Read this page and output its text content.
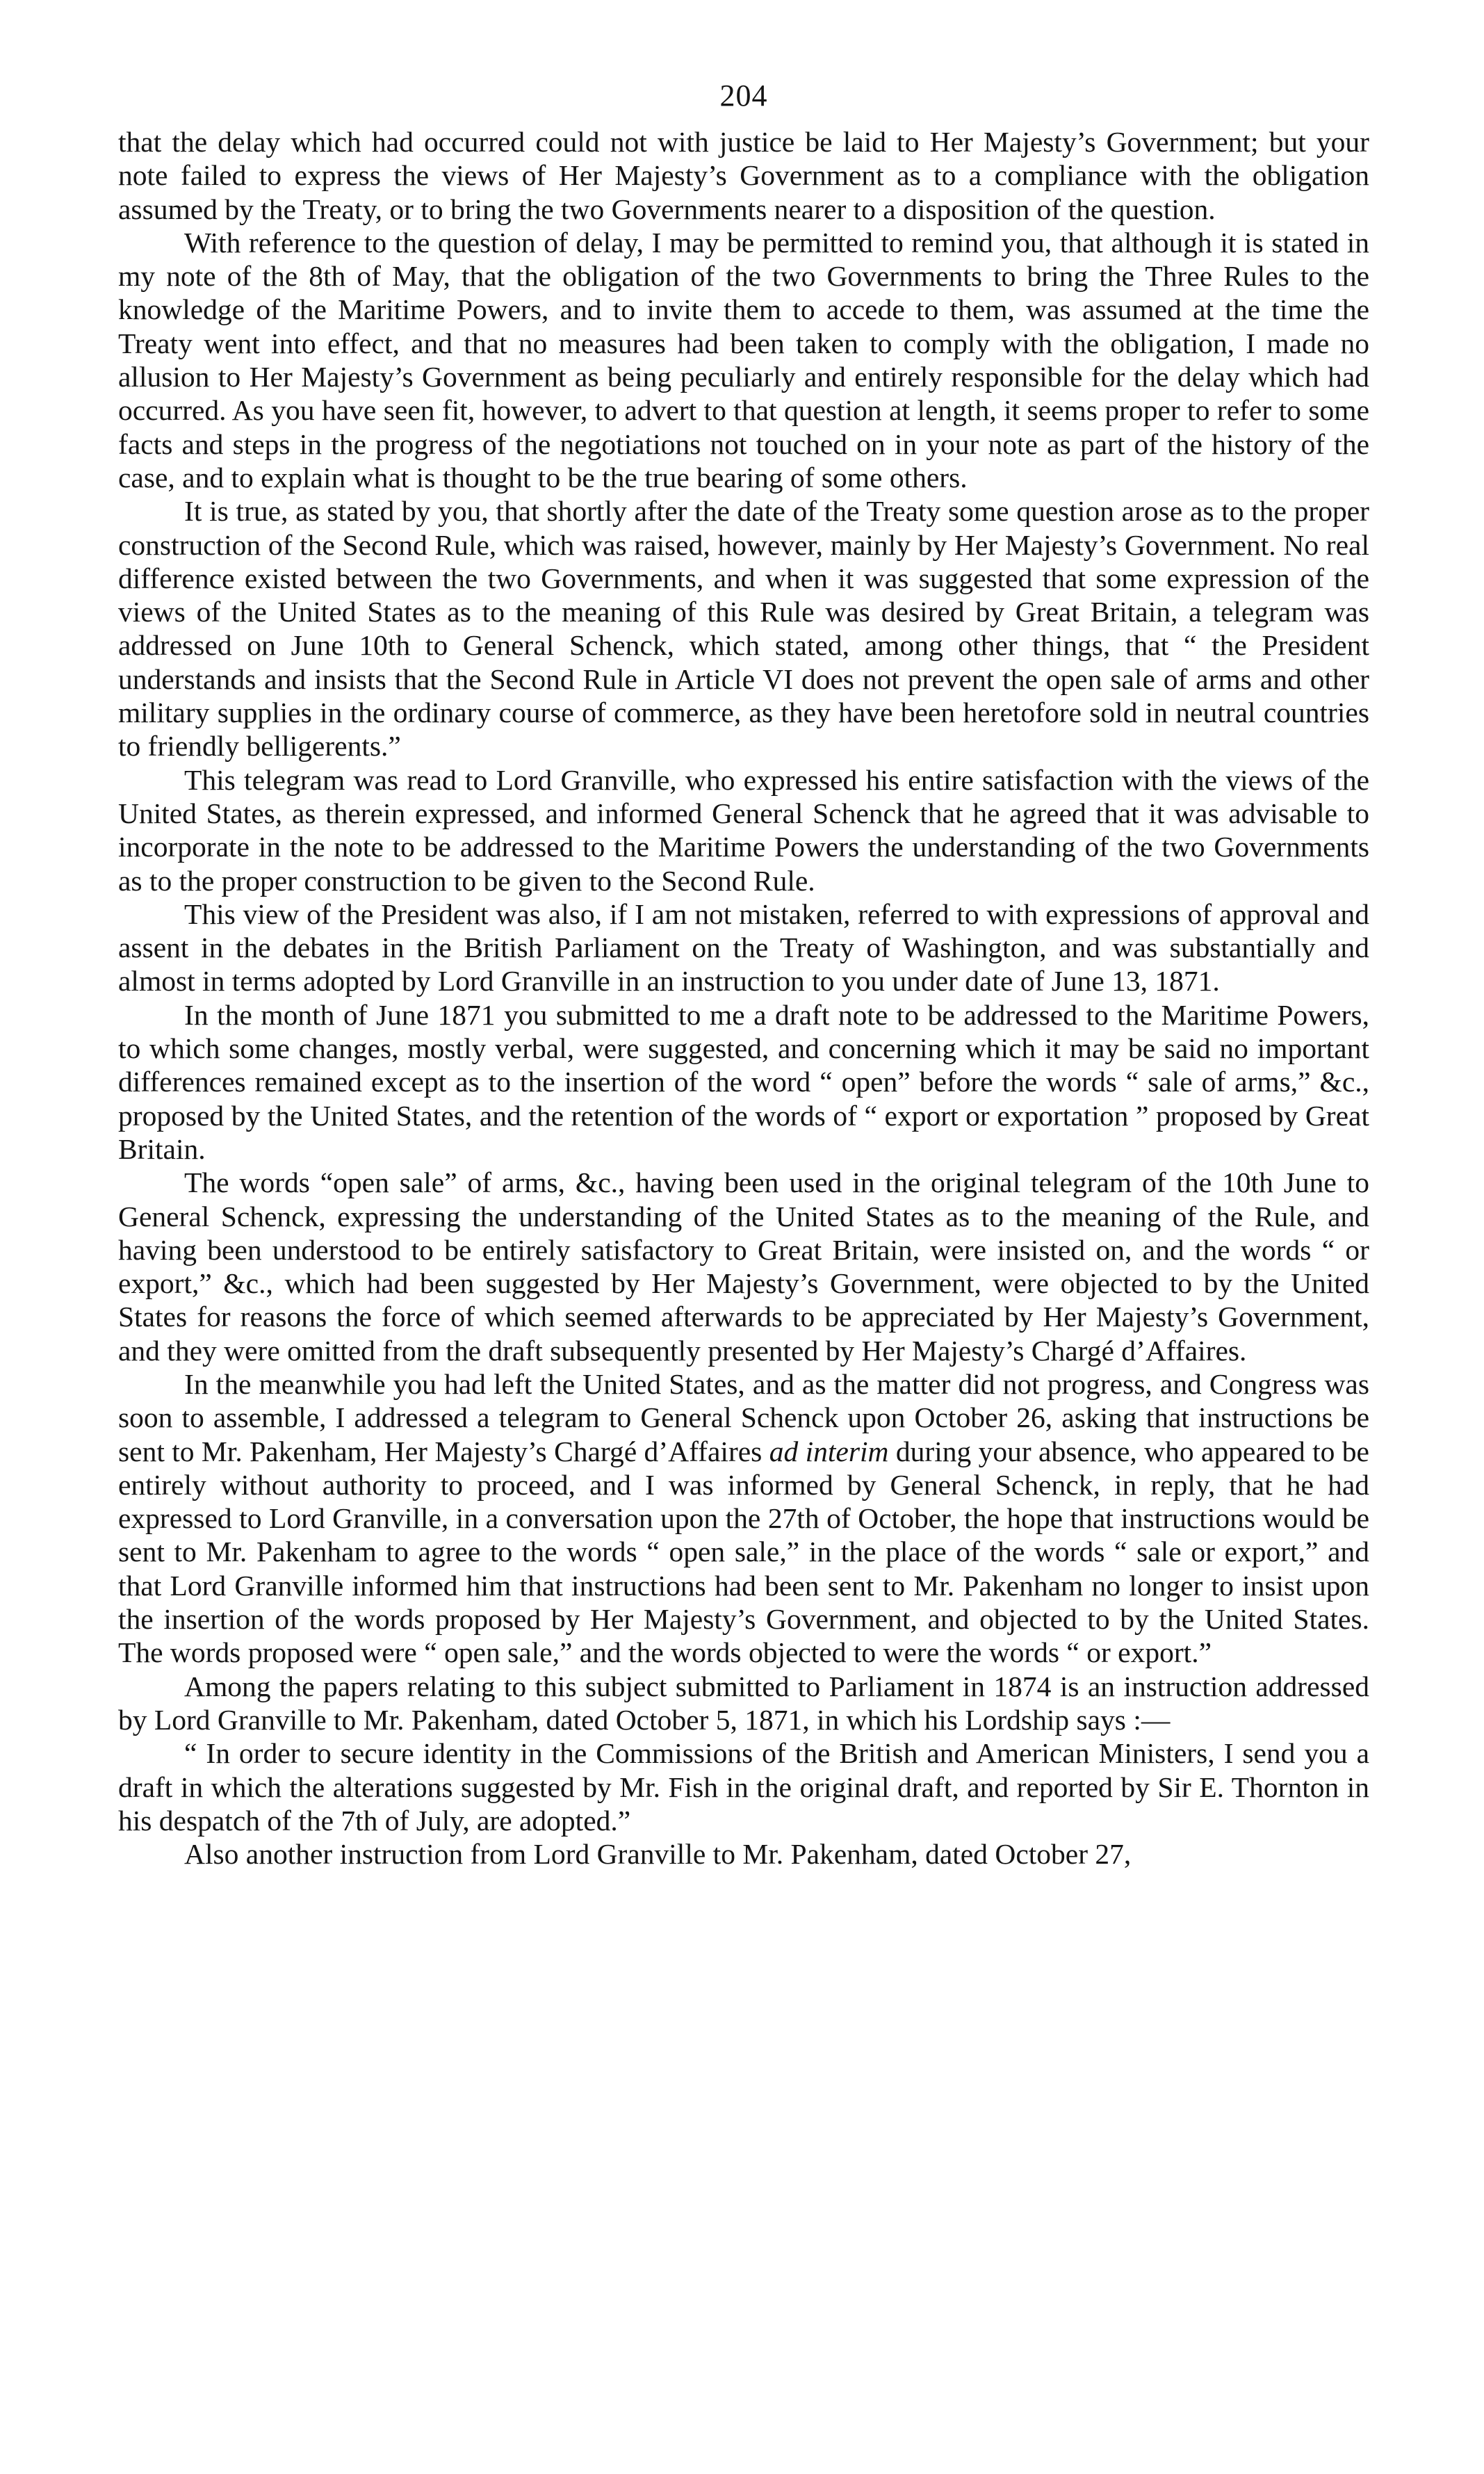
204

that the delay which had occurred could not with justice be laid to Her Majesty’s Government; but your note failed to express the views of Her Majesty’s Government as to a compliance with the obligation assumed by the Treaty, or to bring the two Governments nearer to a disposition of the question.

With reference to the question of delay, I may be permitted to remind you, that although it is stated in my note of the 8th of May, that the obligation of the two Governments to bring the Three Rules to the knowledge of the Maritime Powers, and to invite them to accede to them, was assumed at the time the Treaty went into effect, and that no measures had been taken to comply with the obligation, I made no allusion to Her Majesty’s Government as being peculiarly and entirely responsible for the delay which had occurred. As you have seen fit, however, to advert to that question at length, it seems proper to refer to some facts and steps in the progress of the negotiations not touched on in your note as part of the history of the case, and to explain what is thought to be the true bearing of some others.

It is true, as stated by you, that shortly after the date of the Treaty some question arose as to the proper construction of the Second Rule, which was raised, however, mainly by Her Majesty’s Government. No real difference existed between the two Governments, and when it was suggested that some expression of the views of the United States as to the meaning of this Rule was desired by Great Britain, a telegram was addressed on June 10th to General Schenck, which stated, among other things, that “ the President understands and insists that the Second Rule in Article VI does not prevent the open sale of arms and other military supplies in the ordinary course of commerce, as they have been heretofore sold in neutral countries to friendly belligerents.”

This telegram was read to Lord Granville, who expressed his entire satisfaction with the views of the United States, as therein expressed, and informed General Schenck that he agreed that it was advisable to incorporate in the note to be addressed to the Maritime Powers the understanding of the two Governments as to the proper construction to be given to the Second Rule.

This view of the President was also, if I am not mistaken, referred to with expressions of approval and assent in the debates in the British Parliament on the Treaty of Washington, and was substantially and almost in terms adopted by Lord Granville in an instruction to you under date of June 13, 1871.

In the month of June 1871 you submitted to me a draft note to be addressed to the Maritime Powers, to which some changes, mostly verbal, were suggested, and concerning which it may be said no important differences remained except as to the insertion of the word “ open” before the words “ sale of arms,” &c., proposed by the United States, and the retention of the words of “ export or exportation ” proposed by Great Britain.

The words “open sale” of arms, &c., having been used in the original telegram of the 10th June to General Schenck, expressing the understanding of the United States as to the meaning of the Rule, and having been understood to be entirely satisfactory to Great Britain, were insisted on, and the words “ or export,” &c., which had been suggested by Her Majesty’s Government, were objected to by the United States for reasons the force of which seemed afterwards to be appreciated by Her Majesty’s Government, and they were omitted from the draft subsequently presented by Her Majesty’s Chargé d’Affaires.

In the meanwhile you had left the United States, and as the matter did not progress, and Congress was soon to assemble, I addressed a telegram to General Schenck upon October 26, asking that instructions be sent to Mr. Pakenham, Her Majesty’s Chargé d’Affaires ad interim during your absence, who appeared to be entirely without authority to proceed, and I was informed by General Schenck, in reply, that he had expressed to Lord Granville, in a conversation upon the 27th of October, the hope that instructions would be sent to Mr. Pakenham to agree to the words “ open sale,” in the place of the words “ sale or export,” and that Lord Granville informed him that instructions had been sent to Mr. Pakenham no longer to insist upon the insertion of the words proposed by Her Majesty’s Government, and objected to by the United States. The words proposed were “ open sale,” and the words objected to were the words “ or export.”

Among the papers relating to this subject submitted to Parliament in 1874 is an instruction addressed by Lord Granville to Mr. Pakenham, dated October 5, 1871, in which his Lordship says :—

“ In order to secure identity in the Commissions of the British and American Ministers, I send you a draft in which the alterations suggested by Mr. Fish in the original draft, and reported by Sir E. Thornton in his despatch of the 7th of July, are adopted.”

Also another instruction from Lord Granville to Mr. Pakenham, dated October 27,
